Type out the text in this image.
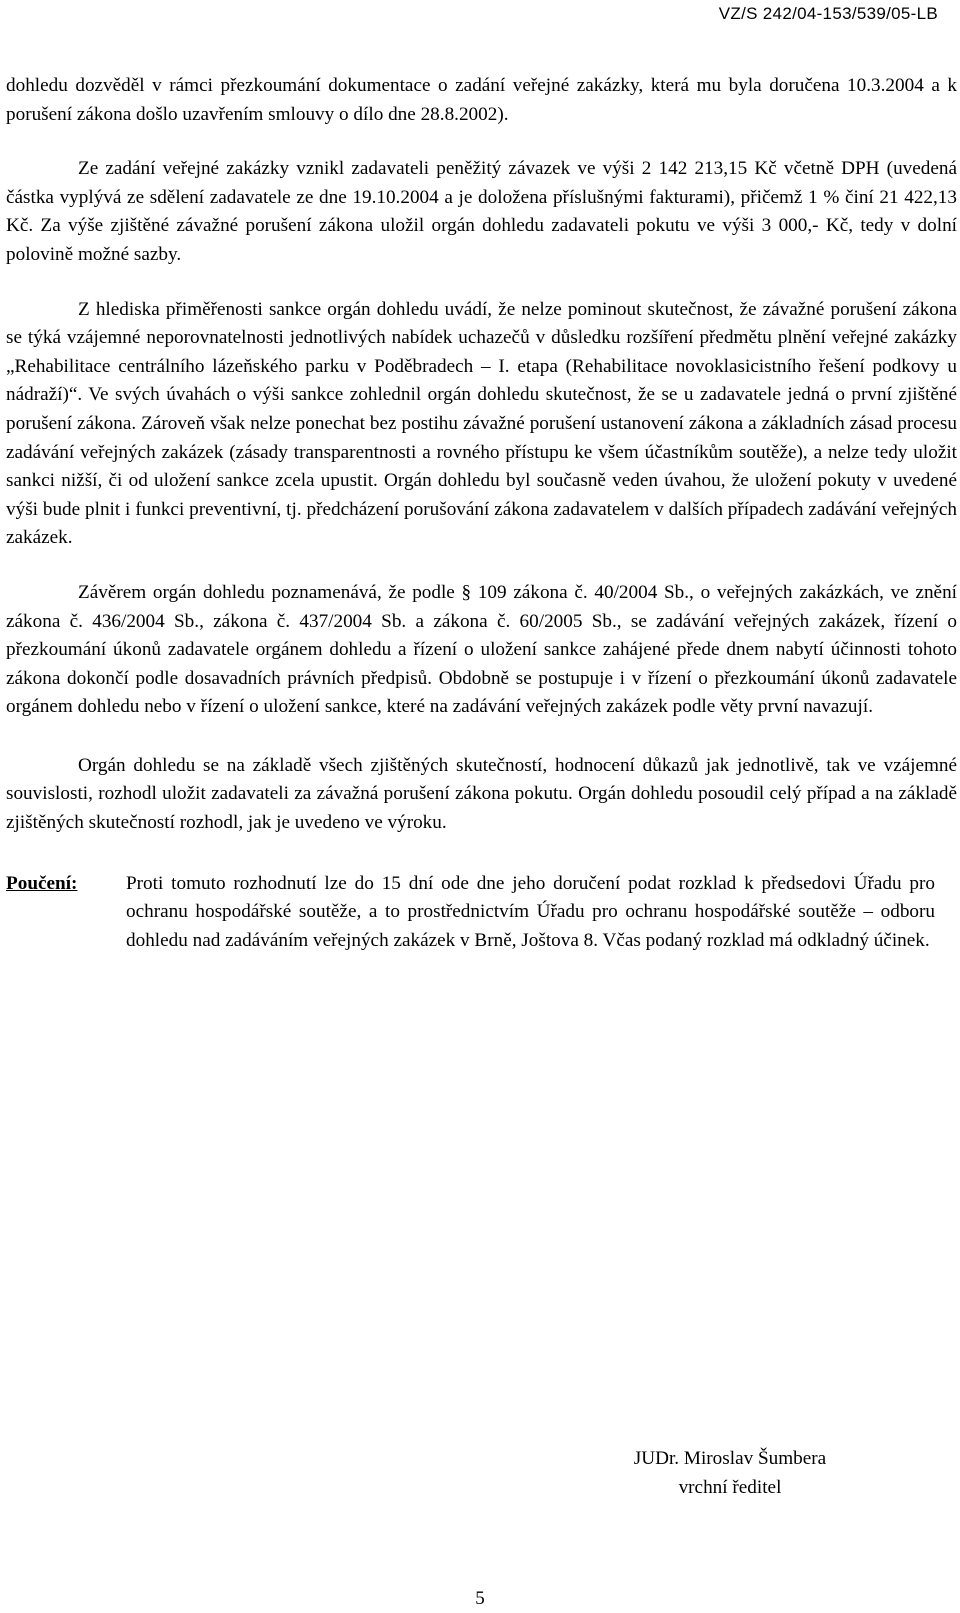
VZ/S 242/04-153/539/05-LB

dohledu dozvěděl v rámci přezkoumání dokumentace o zadání veřejné zakázky, která mu byla doručena 10.3.2004 a k porušení zákona došlo uzavřením smlouvy o dílo dne 28.8.2002).

Ze zadání veřejné zakázky vznikl zadavateli peněžitý závazek ve výši 2 142 213,15 Kč včetně DPH (uvedená částka vyplývá ze sdělení zadavatele ze dne 19.10.2004 a je doložena příslušnými fakturami), přičemž 1 % činí 21 422,13 Kč. Za výše zjištěné závažné porušení zákona uložil orgán dohledu zadavateli pokutu ve výši 3 000,- Kč, tedy v dolní polovině možné sazby.

Z hlediska přiměřenosti sankce orgán dohledu uvádí, že nelze pominout skutečnost, že závažné porušení zákona se týká vzájemné neporovnatelnosti jednotlivých nabídek uchazečů v důsledku rozšíření předmětu plnění veřejné zakázky „Rehabilitace centrálního lázeňského parku v Poděbradech – I. etapa (Rehabilitace novoklasicistního řešení podkovy u nádraží)“. Ve svých úvahách o výši sankce zohlednil orgán dohledu skutečnost, že se u zadavatele jedná o první zjištěné porušení zákona. Zároveň však nelze ponechat bez postihu závažné porušení ustanovení zákona a základních zásad procesu zadávání veřejných zakázek (zásady transparentnosti a rovného přístupu ke všem účastníkům soutěže), a nelze tedy uložit sankci nižší, či od uložení sankce zcela upustit. Orgán dohledu byl současně veden úvahou, že uložení pokuty v uvedené výši bude plnit i funkci preventivní, tj. předcházení porušování zákona zadavatelem v dalších případech zadávání veřejných zakázek.

Závěrem orgán dohledu poznamenává, že podle § 109 zákona č. 40/2004 Sb., o veřejných zakázkách, ve znění zákona č. 436/2004 Sb., zákona č. 437/2004 Sb. a zákona č. 60/2005 Sb., se zadávání veřejných zakázek, řízení o přezkoumání úkonů zadavatele orgánem dohledu a řízení o uložení sankce zahájené přede dnem nabytí účinnosti tohoto zákona dokončí podle dosavadních právních předpisů. Obdobně se postupuje i v řízení o přezkoumání úkonů zadavatele orgánem dohledu nebo v řízení o uložení sankce, které na zadávání veřejných zakázek podle věty první navazují.

Orgán dohledu se na základě všech zjištěných skutečností, hodnocení důkazů jak jednotlivě, tak ve vzájemné souvislosti, rozhodl uložit zadavateli za závažná porušení zákona pokutu. Orgán dohledu posoudil celý případ a na základě zjištěných skutečností rozhodl, jak je uvedeno ve výroku.

Poučení:	Proti tomuto rozhodnutí lze do 15 dní ode dne jeho doručení podat rozklad k předsedovi Úřadu pro ochranu hospodářské soutěže, a to prostřednictvím Úřadu pro ochranu hospodářské soutěže – odboru dohledu nad zadáváním veřejných zakázek v Brně, Joštova 8. Včas podaný rozklad má odkladný účinek.
JUDr. Miroslav Šumbera
vrchní ředitel
5
